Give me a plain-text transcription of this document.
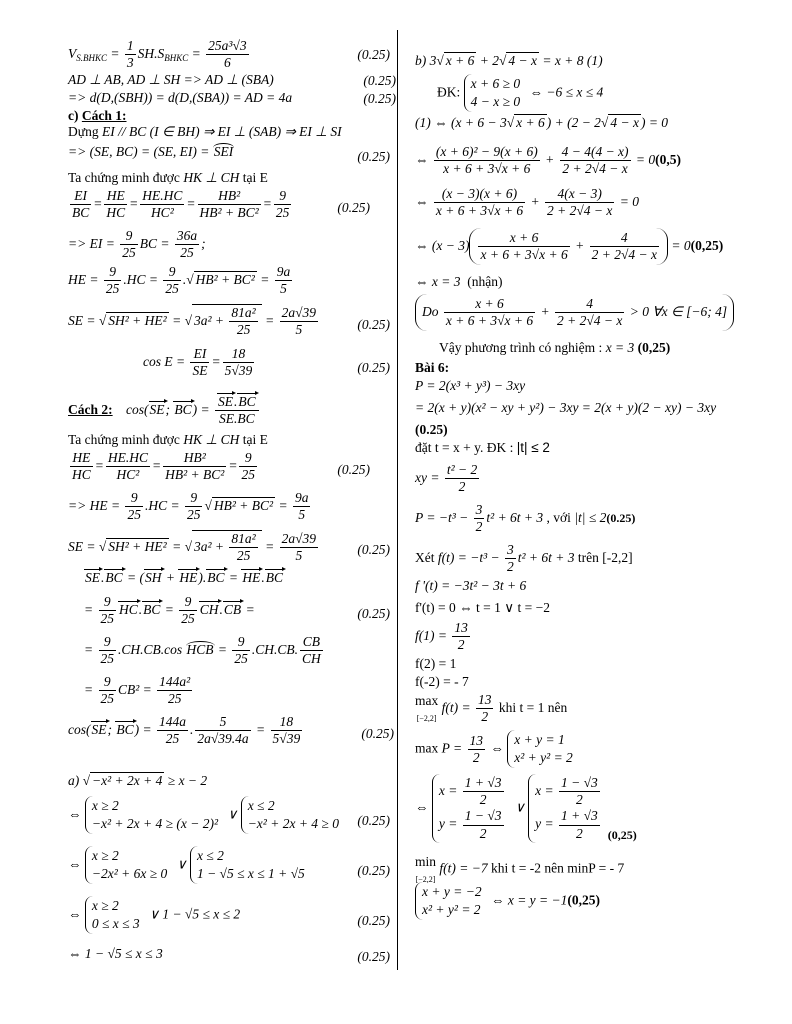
$V_{S.BHKC} = \frac{1}{3} SH.S_{BHKC} = \frac{\text{25a³√3}}{6}$	(0.25)
AD ⊥ AB, AD ⊥ SH => AD ⊥ (SBA)	(0.25)
=> d(D,(SBH)) = d(D,(SBA)) = AD = 4a	(0.25)
c) Cách 1:
Dựng EI // BC (I ∈ BH) ⇒ EI ⊥ (SAB) ⇒ EI ⊥ SI
=> (SE, BC) = (SE, EI) = SEI	(0.25)
Ta chứng minh được HK ⊥ CH tại E
$\frac{EI}{BC} = \frac{HE}{HC} = \frac{HE.HC}{\text{HC²}} = \frac{\text{HB²}}{\text{HB² + BC²}} = \frac{9}{25}$	(0.25)
=> EI = $\frac{9}{25}$ BC = $\frac{36a}{25}$ ;
HE = $\frac{9}{25} .HC = \frac{9}{25}$ .√ $HB^2 + BC^2 = \frac{9a}{5}$
SE = √ SH² + HE² = √ $3a^2 + \frac{\text{81a²}}{25} = \frac{2a√39}{5}$	(0.25)
$\cos E = \frac{EI}{SE} = \frac{18}{5√39}$	(0.25)
Cách 2: cos(SE; $BC) = \frac{SE.BC}{SE.BC}$
Ta chứng minh được HK ⊥ CH tại E
$\frac{HE}{HC} = \frac{HE.HC}{\text{HC²}} = \frac{\text{HB²}}{\text{HB² + BC²}} = \frac{9}{25}$	(0.25)
=> HE = $\frac{9}{25} .HC = \frac{9}{25}$ √ $HB^2 + BC^2 = \frac{9a}{5}$
SE = √ SH² + HE² = √ $3a^2 + \frac{\text{81a²}}{25} = \frac{2a√39}{5}$	(0.25)
SE.BC = (SH + HE).BC = HE.BC
= $\frac{9}{25} HC.BC = \frac{9}{25} CH.CB$ =	(0.25)
= $\frac{9}{25} .CH.CB.\cos$ HCB = $\frac{9}{25} .CH.CB$. $\frac{CB}{CH}$
= $\frac{9}{25} CB^2 = \frac{\text{144a²}}{25}$
cos(SE; $BC) = \frac{144a}{25}$ . $\frac{5}{2a√39.4a} = \frac{18}{5√39}$	(0.25)
a) √ −x² + 2x + 4 ≥ x − 2
⇔
x ≥ 2
−x² + 2x + 4 ≥ (x − 2)²
∨
x ≤ 2
−x² + 2x + 4 ≥ 0 (0.25)
⇔
x ≥ 2
−2x² + 6x ≥ 0
∨
x ≤ 2
1 − √5 ≤ x ≤ 1 + √5	(0.25)
⇔
x ≥ 2
0 ≤ x ≤ 3
∨ 1 − √5 ≤ x ≤ 2	(0.25)
⇔ 1 − √5 ≤ x ≤ 3	(0.25)
b) 3√ x + 6 + 2√ 4 − x = x + 8 (1)
ĐK:
x + 6 ≥ 0
4 − x ≥ 0
⇔ −6 ≤ x ≤ 4
(1) ⇔ (x + 6 − 3√ x + 6 ) + (2 − 2√ 4 − x ) = 0
⇔ $\frac{\text{(x + 6)² − 9(x + 6)}}{x + 6 + 3√x + 6} + \frac{4 - 4(4 - x)}{2 + 2√4 - x} = 0(0,5)$
⇔ $\frac{(x - 3)(x + 6)}{x + 6 + 3√x + 6} + \frac{4(x - 3)}{2 + 2√4 - x} = 0$
⇔ $(x - 3) \frac{x + 6}{x + 6 + 3√x + 6} + \frac{4}{2 + 2√4 - x} = 0(0,25)$
⇔ x = 3  (nhận)
Do $\frac{x + 6}{x + 6 + 3√x + 6} + \frac{4}{2 + 2√4 - x} > 0$ ∀x ∈ [−6; 4]
Vậy phương trình có nghiệm : x = 3 (0,25)
Bài 6:
P = 2(x³ + y³) − 3xy
= 2(x + y)(x² − xy + y²) − 3xy = 2(x + y)(2 − xy) − 3xy
(0.25)
đặt t = x + y. ĐK : |t| ≤ 2
xy = $\frac{\text{t² − 2}}{2}$
$P = -t^3 - \frac{3}{2} t^2 + 6t + 3$ , với |t| ≤ 2(0.25)
Xét $f(t) = -t^3 - \frac{3}{2} t^2 + 6t + 3$ trên [-2,2]
f '(t) = −3t² − 3t + 6
f'(t) = 0 ⇔ t = 1 ∨ t = −2
$f(1) = \frac{13}{2}$
f(2) = 1
f(-2) = - 7
max
[−2,2] $f(t) = \frac{13}{2}$ khi t = 1 nên
$\max P = \frac{13}{2}$ ⇔
x + y = 1
x² + y² = 2
⇔
$x = \frac{1 + √3}{2}$
$y = \frac{1 - √3}{2}$
∨
$x = \frac{1 - √3}{2}$
$y = \frac{1 + √3}{2} (0,25)$
min
[−2,2] f(t) = −7 khi t = -2 nên minP = - 7
x + y = −2
x² + y² = 2
⇔ x = y = −1(0,25)
